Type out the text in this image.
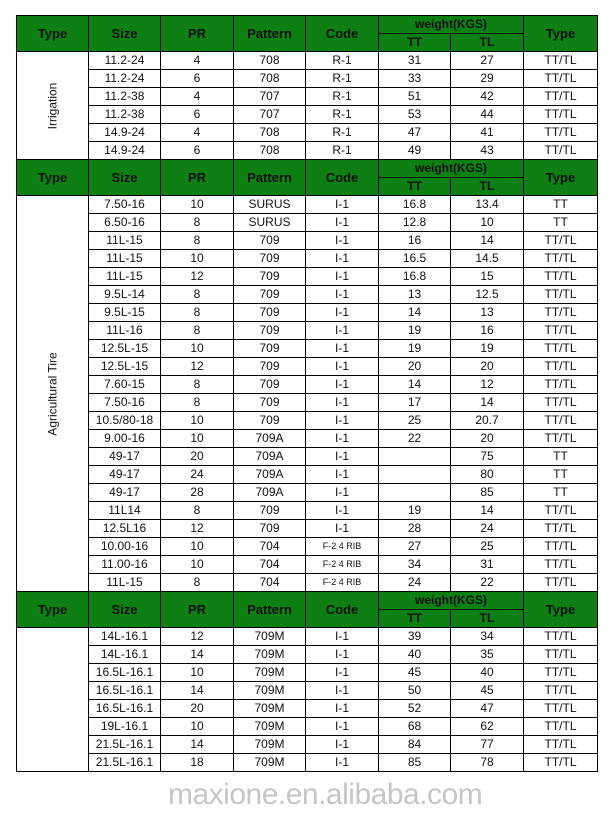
Type	Size	PR	Pattern	Code	weight(KGS)		Type
					TT	TL	

Irrigation	11.2-24	4	708	R-1	31	27	TT/TL
	11.2-24	6	708	R-1	33	29	TT/TL
	11.2-38	4	707	R-1	51	42	TT/TL
	11.2-38	6	707	R-1	53	44	TT/TL
	14.9-24	4	708	R-1	47	41	TT/TL
	14.9-24	6	708	R-1	49	43	TT/TL
Type	Size	PR	Pattern	Code	weight(KGS)		Type
					TT	TL	

Agricultural Tire	7.50-16	10	SURUS	I-1	16.8	13.4	TT
	6.50-16	8	SURUS	I-1	12.8	10	TT
	11L-15	8	709	I-1	16	14	TT/TL
	11L-15	10	709	I-1	16.5	14.5	TT/TL
	11L-15	12	709	I-1	16.8	15	TT/TL
	9.5L-14	8	709	I-1	13	12.5	TT/TL
	9.5L-15	8	709	I-1	14	13	TT/TL
	11L-16	8	709	I-1	19	16	TT/TL
	12.5L-15	10	709	I-1	19	19	TT/TL
	12.5L-15	12	709	I-1	20	20	TT/TL
	7.60-15	8	709	I-1	14	12	TT/TL
	7.50-16	8	709	I-1	17	14	TT/TL
	10.5/80-18	10	709	I-1	25	20.7	TT/TL
	9.00-16	10	709A	I-1	22	20	TT/TL
	49-17	20	709A	I-1		75	TT
	49-17	24	709A	I-1		80	TT
	49-17	28	709A	I-1		85	TT
	11L14	8	709	I-1	19	14	TT/TL
	12.5L16	12	709	I-1	28	24	TT/TL
	10.00-16	10	704	F-2 4 RIB	27	25	TT/TL
	11.00-16	10	704	F-2 4 RIB	34	31	TT/TL
	11L-15	8	704	F-2 4 RIB	24	22	TT/TL
Type	Size	PR	Pattern	Code	weight(KGS)		Type
					TT	TL	

	14L-16.1	12	709M	I-1	39	34	TT/TL
	14L-16.1	14	709M	I-1	40	35	TT/TL
	16.5L-16.1	10	709M	I-1	45	40	TT/TL
	16.5L-16.1	14	709M	I-1	50	45	TT/TL
	16.5L-16.1	20	709M	I-1	52	47	TT/TL
	19L-16.1	10	709M	I-1	68	62	TT/TL
	21.5L-16.1	14	709M	I-1	84	77	TT/TL
	21.5L-16.1	18	709M	I-1	85	78	TT/TL
maxione.en.alibaba.com
